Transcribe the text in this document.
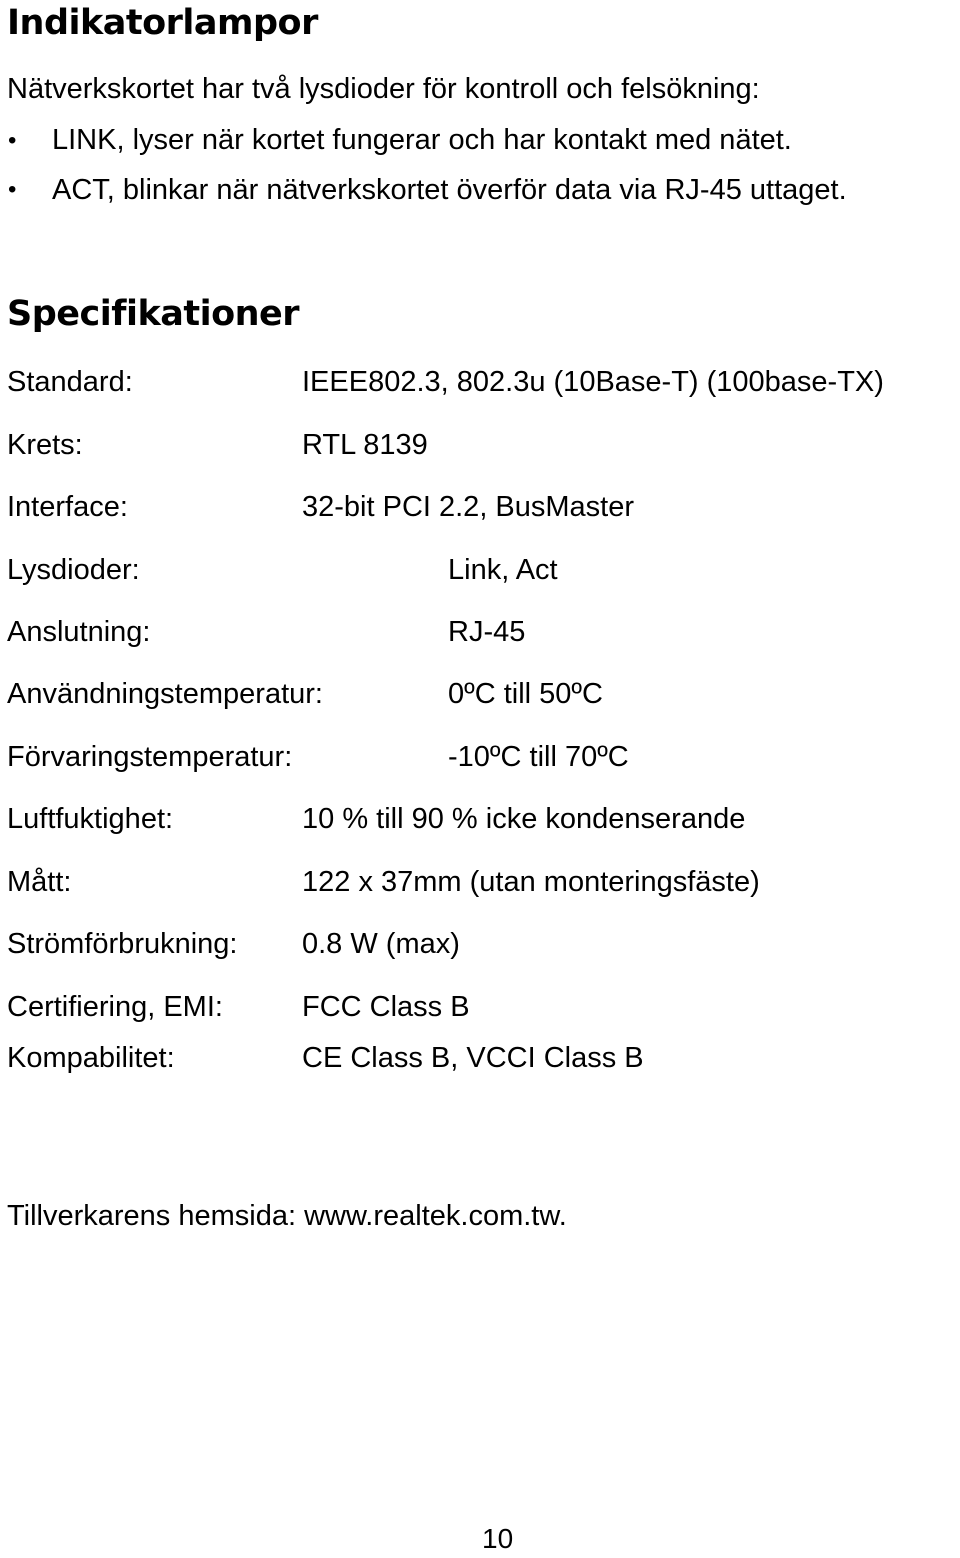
Indikatorlampor
Nätverkskortet har två lysdioder för kontroll och felsökning:
• LINK, lyser när kortet fungerar och har kontakt med nätet.
• ACT, blinkar när nätverkskortet överför data via RJ-45 uttaget.
Specifikationer
Standard:	IEEE802.3, 802.3u (10Base-T) (100base-TX)
Krets:	RTL 8139
Interface:	32-bit PCI 2.2, BusMaster
Lysdioder:	Link, Act
Anslutning:	RJ-45
Användningstemperatur:	0ºC till 50ºC
Förvaringstemperatur:	-10ºC till 70ºC
Luftfuktighet:	10 % till 90 % icke kondenserande
Mått:	122 x 37mm (utan monteringsfäste)
Strömförbrukning: 0.8 W (max)
Certifiering, EMI:	FCC Class B
Kompabilitet:	CE Class B, VCCI Class B
Tillverkarens hemsida: www.realtek.com.tw.
10
